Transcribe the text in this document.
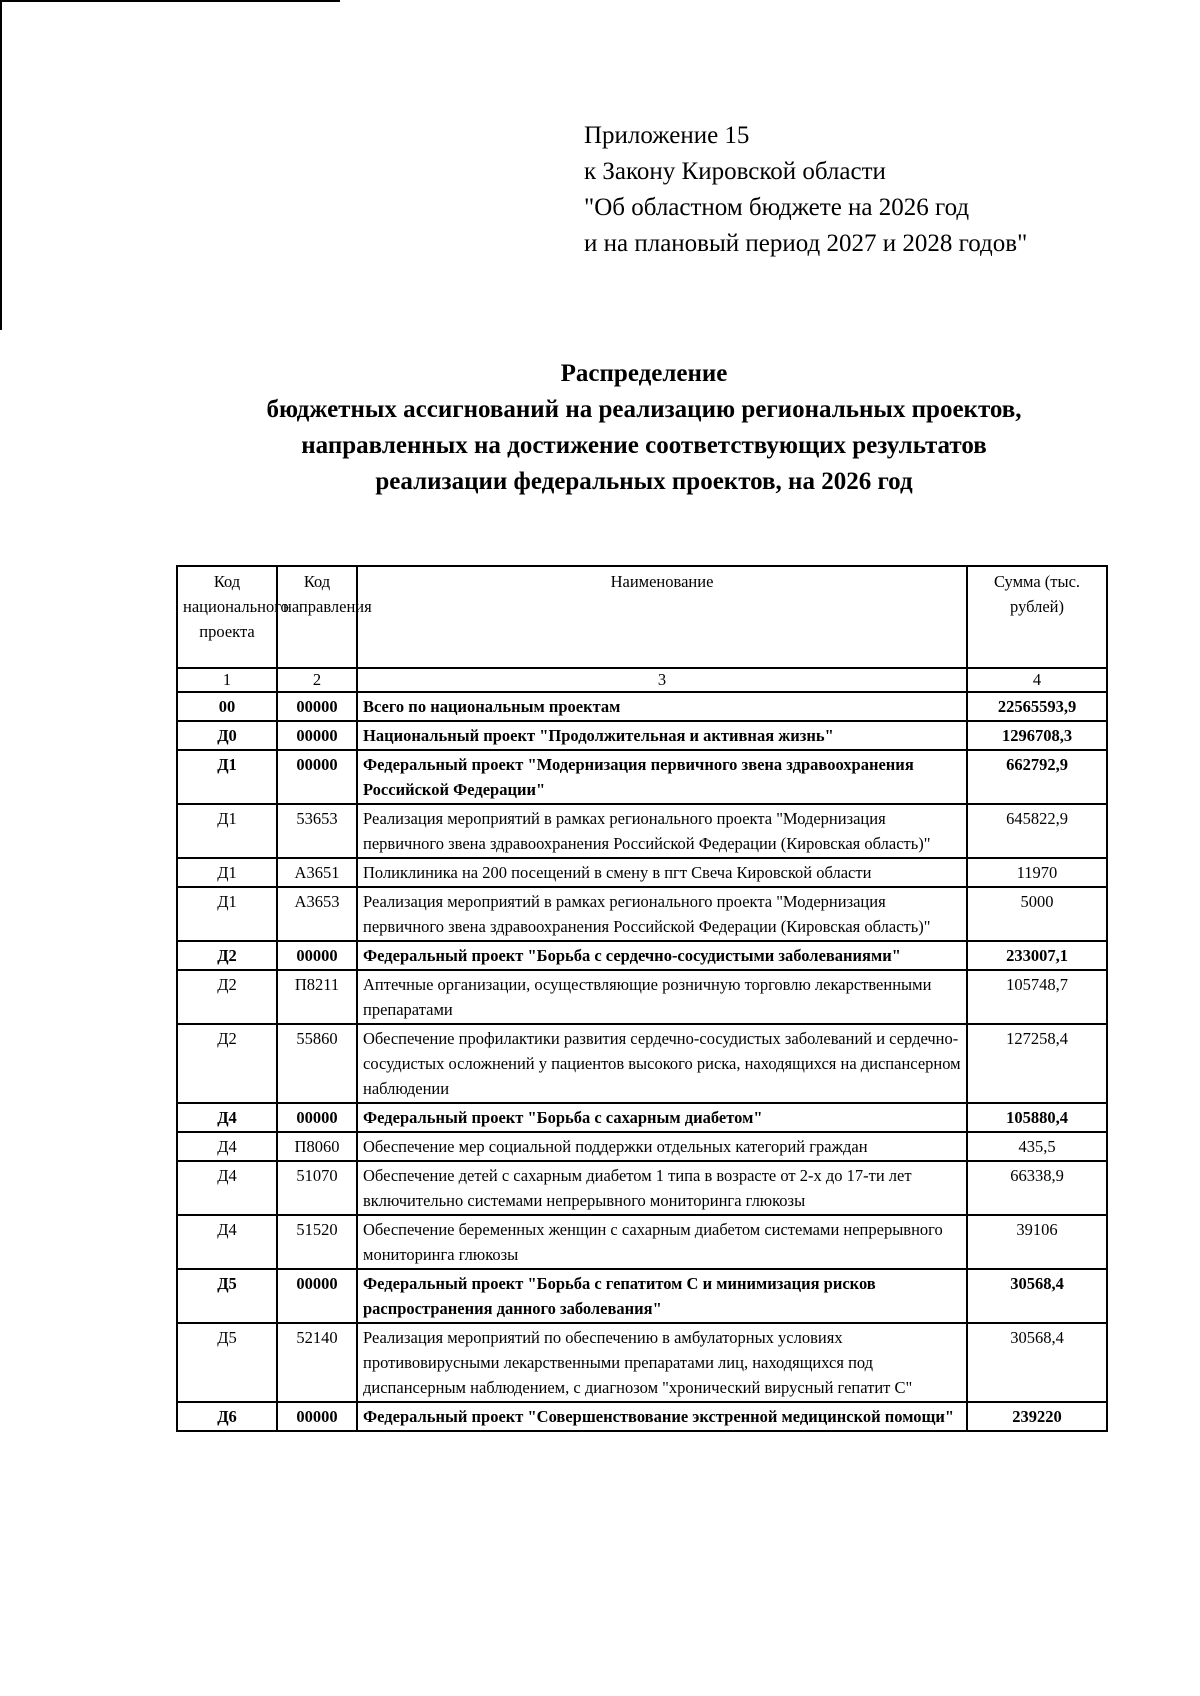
Приложение 15
к Закону Кировской области
"Об областном бюджете на 2026 год
и на плановый период 2027 и 2028 годов"
Распределение
бюджетных ассигнований на реализацию региональных проектов,
направленных на достижение соответствующих результатов
реализации федеральных проектов, на 2026 год
Код национального проекта	Код направления	Наименование	Сумма (тыс. рублей)
1	2	3	4
00	00000	Всего по национальным проектам	22565593,9
Д0	00000	Национальный проект "Продолжительная и активная жизнь"	1296708,3
Д1	00000	Федеральный проект "Модернизация первичного звена здравоохранения Российской Федерации"	662792,9
Д1	53653	Реализация мероприятий в рамках регионального проекта "Модернизация первичного звена здравоохранения Российской Федерации (Кировская область)"	645822,9
Д1	А3651	Поликлиника на 200 посещений в смену в пгт Свеча Кировской области	11970
Д1	А3653	Реализация мероприятий в рамках регионального проекта "Модернизация первичного звена здравоохранения Российской Федерации (Кировская область)"	5000
Д2	00000	Федеральный проект "Борьба с сердечно-сосудистыми заболеваниями"	233007,1
Д2	П8211	Аптечные организации, осуществляющие розничную торговлю лекарственными препаратами	105748,7
Д2	55860	Обеспечение профилактики развития сердечно-сосудистых заболеваний и сердечно-сосудистых осложнений у пациентов высокого риска, находящихся на диспансерном наблюдении	127258,4
Д4	00000	Федеральный проект "Борьба с сахарным диабетом"	105880,4
Д4	П8060	Обеспечение мер социальной поддержки отдельных категорий граждан	435,5
Д4	51070	Обеспечение детей с сахарным диабетом 1 типа в возрасте от 2-х до 17-ти лет включительно системами непрерывного мониторинга глюкозы	66338,9
Д4	51520	Обеспечение беременных женщин с сахарным диабетом системами непрерывного мониторинга глюкозы	39106
Д5	00000	Федеральный проект "Борьба с гепатитом С и минимизация рисков распространения данного заболевания"	30568,4
Д5	52140	Реализация мероприятий по обеспечению в амбулаторных условиях противовирусными лекарственными препаратами лиц, находящихся под диспансерным наблюдением, с диагнозом "хронический вирусный гепатит С"	30568,4
Д6	00000	Федеральный проект "Совершенствование экстренной медицинской помощи"	239220
